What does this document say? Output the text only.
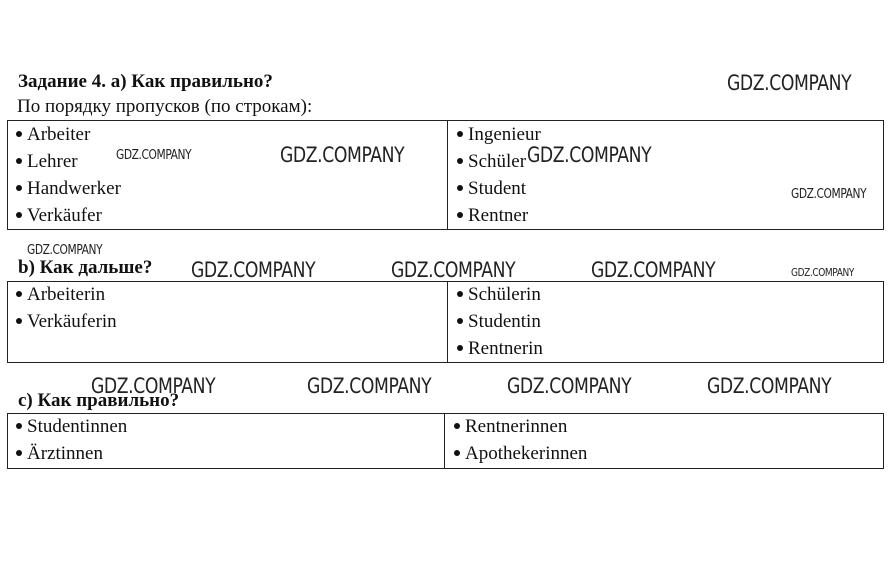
Задание 4. а) Как правильно?
По порядку пропусков (по строкам):
Arbeiter
Lehrer
Handwerker
Verkäufer
Ingenieur
Schüler
Student
Rentner
b) Как дальше?
Arbeiterin
Verkäuferin
Schülerin
Studentin
Rentnerin
c) Как правильно?
Studentinnen
Ärztinnen
Rentnerinnen
Apothekerinnen
GDZ.COMPANY
GDZ.COMPANY	GDZ.COMPANY	GDZ.COMPANY
GDZ.COMPANY
GDZ.COMPANY
GDZ.COMPANY	GDZ.COMPANY	GDZ.COMPANY	GDZ.COMPANY
GDZ.COMPANY	GDZ.COMPANY	GDZ.COMPANY	GDZ.COMPANY
